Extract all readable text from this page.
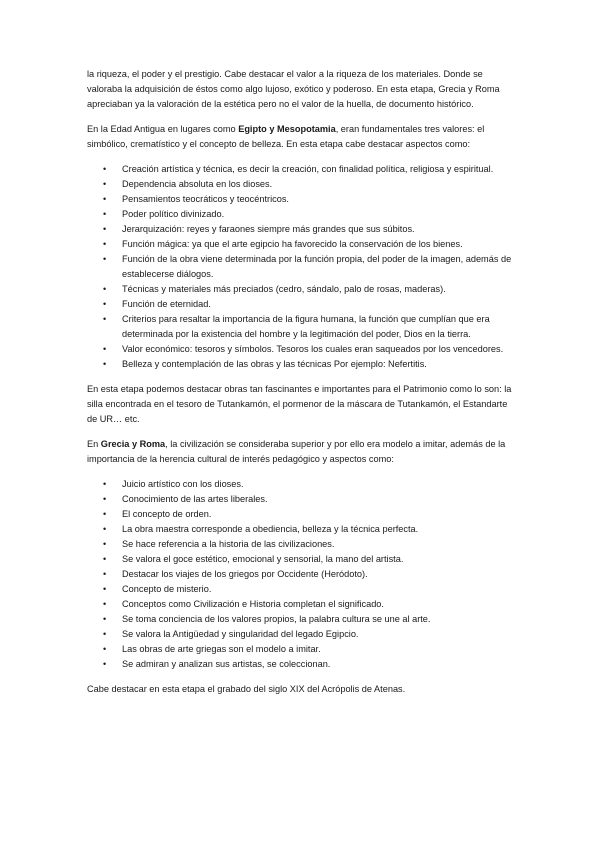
la riqueza, el poder y el prestigio. Cabe destacar el valor a la riqueza de los materiales. Donde se valoraba la adquisición de éstos como algo lujoso, exótico y poderoso. En esta etapa, Grecia y Roma apreciaban ya la valoración de la estética pero no el valor de la huella, de documento histórico.

En la Edad Antigua en lugares como Egipto y Mesopotamia, eran fundamentales tres valores: el simbólico, crematístico y el concepto de belleza. En esta etapa cabe destacar aspectos como:

• Creación artística y técnica, es decir la creación, con finalidad política, religiosa y espiritual.
• Dependencia absoluta en los dioses.
• Pensamientos teocráticos y teocéntricos.
• Poder político divinizado.
• Jerarquización: reyes y faraones siempre más grandes que sus súbitos.
• Función mágica: ya que el arte egipcio ha favorecido la conservación de los bienes.
• Función de la obra viene determinada por la función propia, del poder de la imagen, además de establecerse diálogos.
• Técnicas y materiales más preciados (cedro, sándalo, palo de rosas, maderas).
• Función de eternidad.
• Criterios para resaltar la importancia de la figura humana, la función que cumplían que era determinada por la existencia del hombre y la legitimación del poder, Dios en la tierra.
• Valor económico: tesoros y símbolos. Tesoros los cuales eran saqueados por los vencedores.
• Belleza y contemplación de las obras y las técnicas Por ejemplo: Nefertitis.

En esta etapa podemos destacar obras tan fascinantes e importantes para el Patrimonio como lo son: la silla encontrada en el tesoro de Tutankamón, el pormenor de la máscara de Tutankamón, el Estandarte de UR… etc.

En Grecia y Roma, la civilización se consideraba superior y por ello era modelo a imitar, además de la importancia de la herencia cultural de interés pedagógico y aspectos como:

• Juicio artístico con los dioses.
• Conocimiento de las artes liberales.
• El concepto de orden.
• La obra maestra corresponde a obediencia, belleza y la técnica perfecta.
• Se hace referencia a la historia de las civilizaciones.
• Se valora el goce estético, emocional y sensorial, la mano del artista.
• Destacar los viajes de los griegos por Occidente (Heródoto).
• Concepto de misterio.
• Conceptos como Civilización e Historia completan el significado.
• Se toma conciencia de los valores propios, la palabra cultura se une al arte.
• Se valora la Antigüedad y singularidad del legado Egipcio.
• Las obras de arte griegas son el modelo a imitar.
• Se admiran y analizan sus artistas, se coleccionan.

Cabe destacar en esta etapa el grabado del siglo XIX del Acrópolis de Atenas.
